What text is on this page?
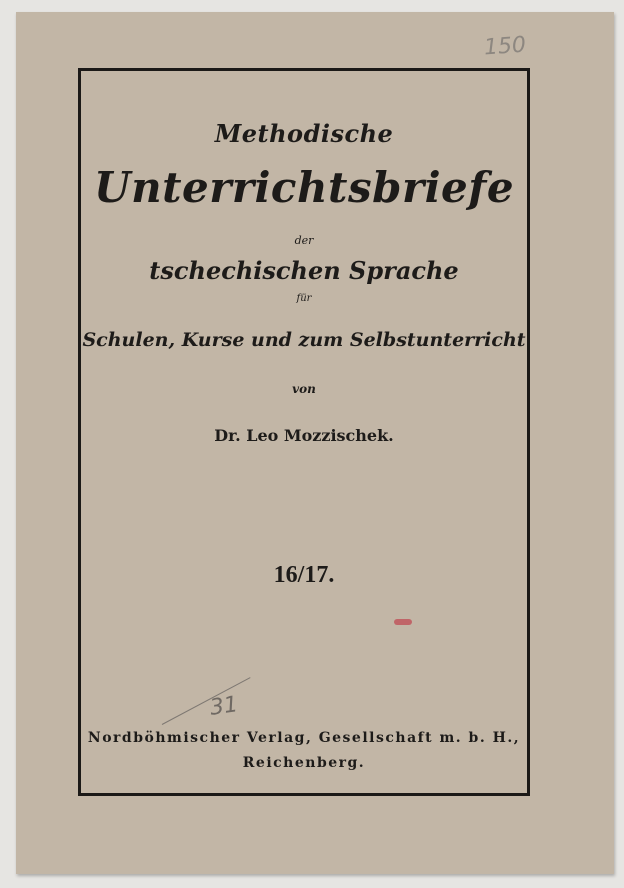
150
Methodische
Unterrichtsbriefe
der
tschechischen Sprache
für
Schulen, Kurse und zum Selbstunterricht
von
Dr. Leo Mozzischek.
16/17.
Nordböhmischer Verlag, Gesellschaft m. b. H.,
Reichenberg.
31
